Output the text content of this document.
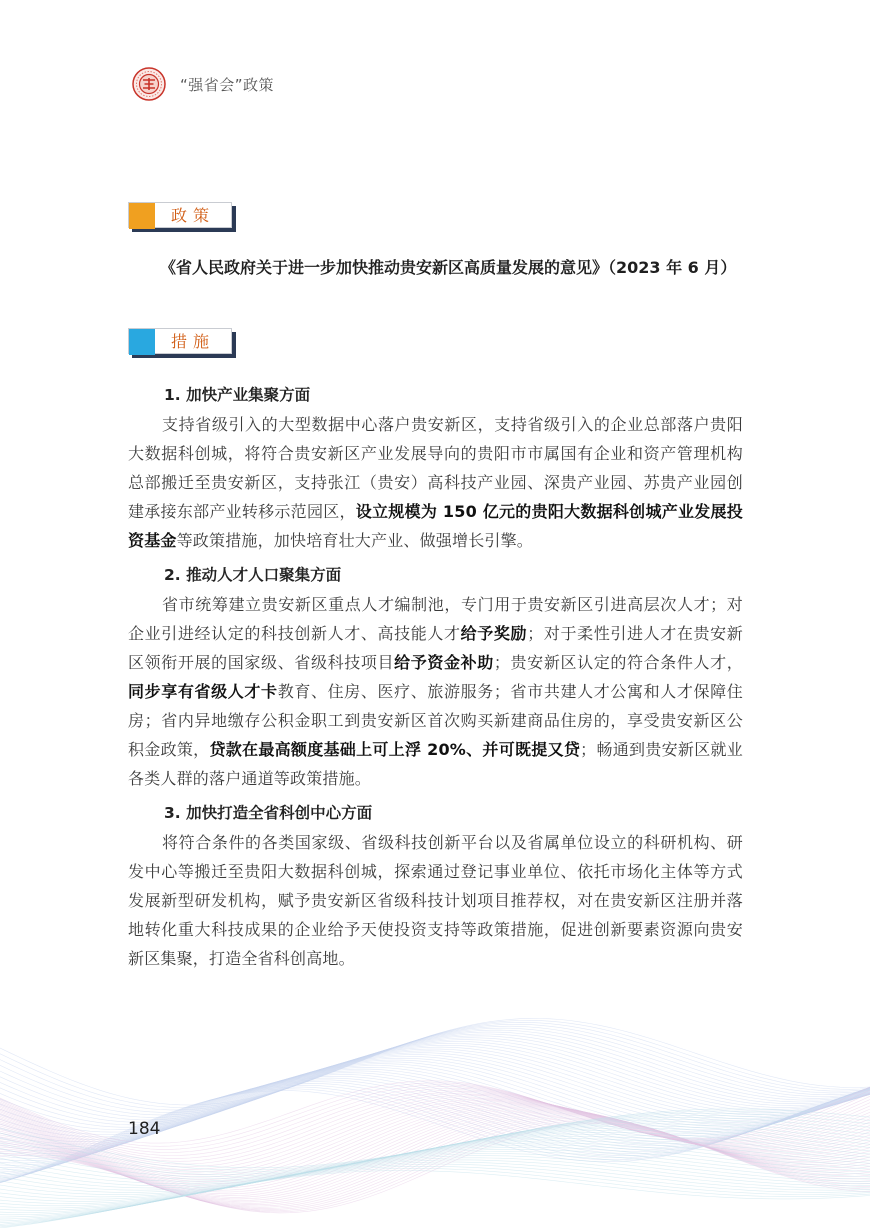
“强省会”政策
政策
《省人民政府关于进一步加快推动贵安新区高质量发展的意见》（2023 年 6 月）
措施
1. 加快产业集聚方面
支持省级引入的大型数据中心落户贵安新区，支持省级引入的企业总部落户贵阳大数据科创城，将符合贵安新区产业发展导向的贵阳市市属国有企业和资产管理机构总部搬迁至贵安新区，支持张江（贵安）高科技产业园、深贵产业园、苏贵产业园创建承接东部产业转移示范园区，设立规模为 150 亿元的贵阳大数据科创城产业发展投资基金等政策措施，加快培育壮大产业、做强增长引擎。
2. 推动人才人口聚集方面
省市统筹建立贵安新区重点人才编制池，专门用于贵安新区引进高层次人才；对企业引进经认定的科技创新人才、高技能人才给予奖励；对于柔性引进人才在贵安新区领衔开展的国家级、省级科技项目给予资金补助；贵安新区认定的符合条件人才，同步享有省级人才卡教育、住房、医疗、旅游服务；省市共建人才公寓和人才保障住房；省内异地缴存公积金职工到贵安新区首次购买新建商品住房的，享受贵安新区公积金政策，贷款在最高额度基础上可上浮 20%、并可既提又贷；畅通到贵安新区就业各类人群的落户通道等政策措施。
3. 加快打造全省科创中心方面
将符合条件的各类国家级、省级科技创新平台以及省属单位设立的科研机构、研发中心等搬迁至贵阳大数据科创城，探索通过登记事业单位、依托市场化主体等方式发展新型研发机构，赋予贵安新区省级科技计划项目推荐权，对在贵安新区注册并落地转化重大科技成果的企业给予天使投资支持等政策措施，促进创新要素资源向贵安新区集聚，打造全省科创高地。
184
